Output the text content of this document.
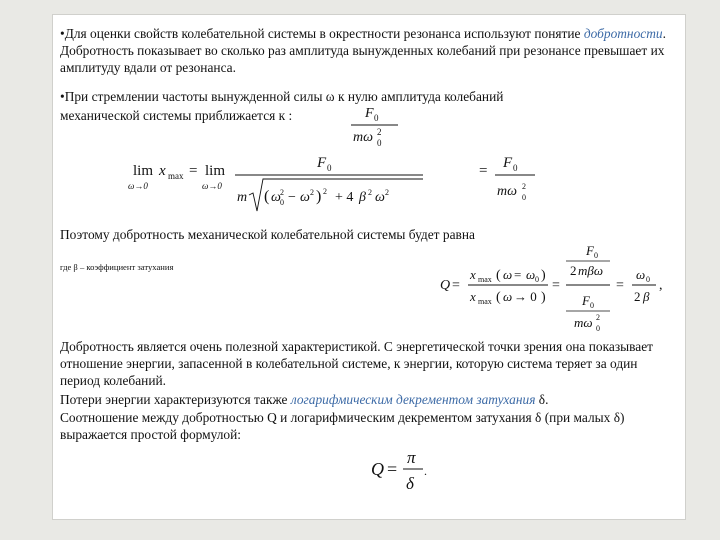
•Для оценки свойств колебательной системы в окрестности резонанса используют понятие добротности. Добротность показывает во сколько раз амплитуда вынужденных колебаний при резонансе превышает их амплитуду вдали от резонанса.
•При стремлении частоты вынужденной силы ω к нулю амплитуда колебаний
механической системы приближается к :	F 0
mω 2
0
lim
ω→0
x max = lim
ω→0
F 0
m ( ω 2
0 − ω 2 ) 2 + 4 β 2 ω 2
= F 0
mω 2
0
Поэтому добротность механической колебательной системы будет равна
где β – коэффициент затухания
Q =
x max ( ω = ω 0 )
x max ( ω → 0 )
=
F 0
2 mβω
F 0
mω 2
0
=
ω 0
2 β
,
Добротность является очень полезной характеристикой. С энергетической точки зрения она показывает отношение энергии, запасенной в колебательной системе, к энергии, которую система теряет за один период колебаний.
Потери энергии характеризуются также логарифмическим декрементом затухания δ.
Соотношение между добротностью Q и логарифмическим декрементом затухания δ (при малых δ) выражается простой формулой:
Q =
π
δ
.
